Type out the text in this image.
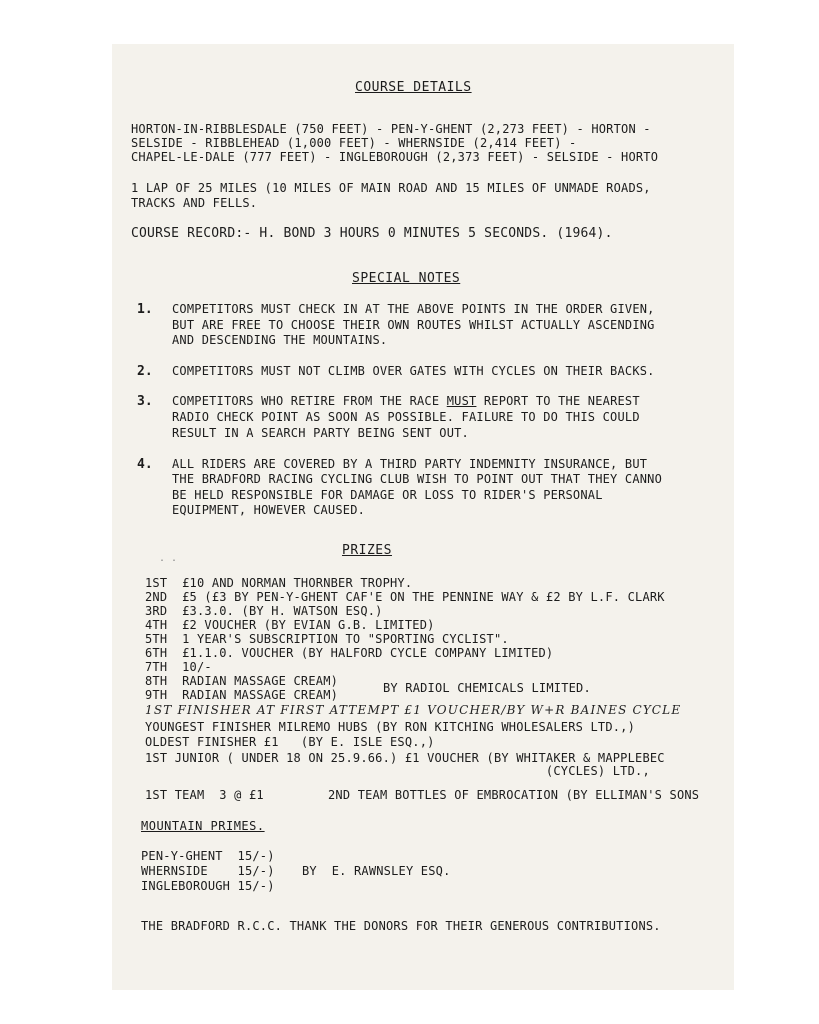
COURSE DETAILS
HORTON-IN-RIBBLESDALE (750 FEET) - PEN-Y-GHENT (2,273 FEET) - HORTON -
SELSIDE - RIBBLEHEAD (1,000 FEET) - WHERNSIDE (2,414 FEET) -
CHAPEL-LE-DALE (777 FEET) - INGLEBOROUGH (2,373 FEET) - SELSIDE - HORTO
1 LAP OF 25 MILES (10 MILES OF MAIN ROAD AND 15 MILES OF UNMADE ROADS,
TRACKS AND FELLS.
COURSE RECORD:- H. BOND 3 HOURS 0 MINUTES 5 SECONDS. (1964).
SPECIAL NOTES
1. COMPETITORS MUST CHECK IN AT THE ABOVE POINTS IN THE ORDER GIVEN,
BUT ARE FREE TO CHOOSE THEIR OWN ROUTES WHILST ACTUALLY ASCENDING
AND DESCENDING THE MOUNTAINS.
2. COMPETITORS MUST NOT CLIMB OVER GATES WITH CYCLES ON THEIR BACKS.
3. COMPETITORS WHO RETIRE FROM THE RACE MUST REPORT TO THE NEAREST
RADIO CHECK POINT AS SOON AS POSSIBLE. FAILURE TO DO THIS COULD
RESULT IN A SEARCH PARTY BEING SENT OUT.
4. ALL RIDERS ARE COVERED BY A THIRD PARTY INDEMNITY INSURANCE, BUT
THE BRADFORD RACING CYCLING CLUB WISH TO POINT OUT THAT THEY CANNO
BE HELD RESPONSIBLE FOR DAMAGE OR LOSS TO RIDER'S PERSONAL
EQUIPMENT, HOWEVER CAUSED.
. .
PRIZES
1ST  £10 AND NORMAN THORNBER TROPHY.
2ND  £5 (£3 BY PEN-Y-GHENT CAF'E ON THE PENNINE WAY & £2 BY L.F. CLARK
3RD  £3.3.0. (BY H. WATSON ESQ.)
4TH  £2 VOUCHER (BY EVIAN G.B. LIMITED)
5TH  1 YEAR'S SUBSCRIPTION TO "SPORTING CYCLIST".
6TH  £1.1.0. VOUCHER (BY HALFORD CYCLE COMPANY LIMITED)
7TH  10/-
8TH  RADIAN MASSAGE CREAM)
9TH  RADIAN MASSAGE CREAM)	BY RADIOL CHEMICALS LIMITED.
1ST FINISHER AT FIRST ATTEMPT £1 VOUCHER/BY W+R BAINES CYCLE
YOUNGEST FINISHER MILREMO HUBS (BY RON KITCHING WHOLESALERS LTD.,)
OLDEST FINISHER £1   (BY E. ISLE ESQ.,)
1ST JUNIOR ( UNDER 18 ON 25.9.66.) £1 VOUCHER (BY WHITAKER & MAPPLEBEC
(CYCLES) LTD.,
1ST TEAM  3 @ £1	2ND TEAM BOTTLES OF EMBROCATION (BY ELLIMAN'S SONS
MOUNTAIN PRIMES.
PEN-Y-GHENT  15/-)
WHERNSIDE    15/-)
INGLEBOROUGH 15/-)
BY  E. RAWNSLEY ESQ.
THE BRADFORD R.C.C. THANK THE DONORS FOR THEIR GENEROUS CONTRIBUTIONS.
